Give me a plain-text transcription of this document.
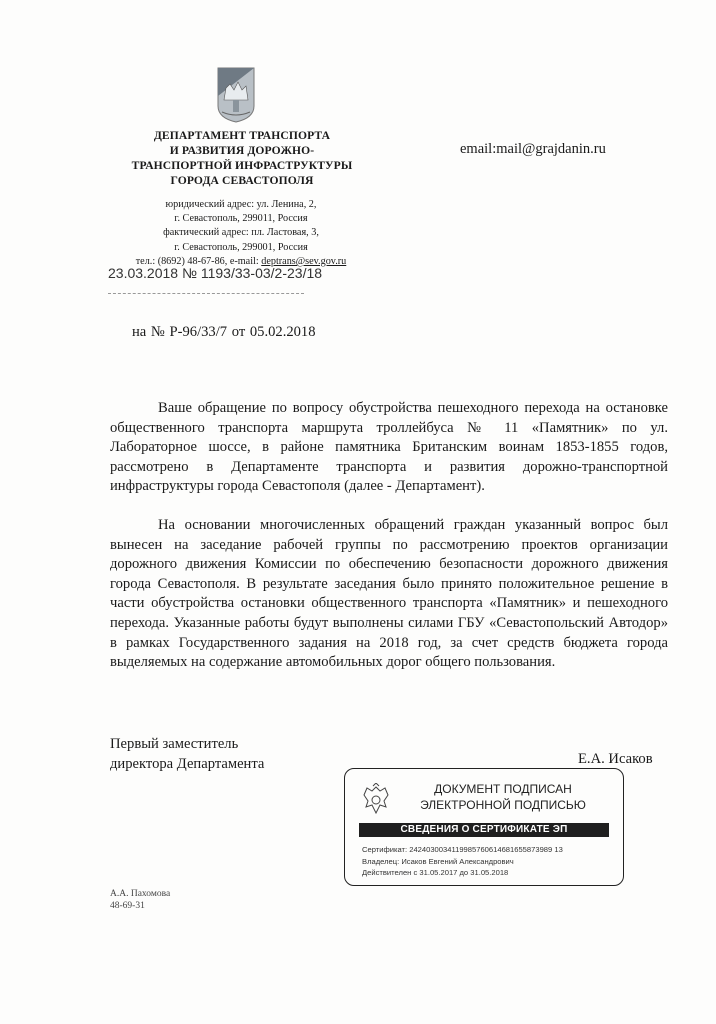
ДЕПАРТАМЕНТ ТРАНСПОРТА
И РАЗВИТИЯ ДОРОЖНО-
ТРАНСПОРТНОЙ ИНФРАСТРУКТУРЫ
ГОРОДА СЕВАСТОПОЛЯ
юридический адрес: ул. Ленина, 2,
г. Севастополь, 299011, Россия
фактический адрес: пл. Ластовая, 3,
г. Севастополь, 299001, Россия
тел.: (8692) 48-67-86, e-mail: deptrans@sev.gov.ru
email:mail@grajdanin.ru
23.03.2018 № 1193/33-03/2-23/18
на № Р-96/33/7 от 05.02.2018
Ваше обращение по вопросу обустройства пешеходного перехода на остановке общественного транспорта маршрута троллейбуса № 11 «Памятник» по ул. Лабораторное шоссе, в районе памятника Британским воинам 1853-1855 годов, рассмотрено в Департаменте транспорта и развития дорожно-транспортной инфраструктуры города Севастополя (далее - Департамент).
На основании многочисленных обращений граждан указанный вопрос был вынесен на заседание рабочей группы по рассмотрению проектов организации дорожного движения Комиссии по обеспечению безопасности дорожного движения города Севастополя. В результате заседания было принято положительное решение в части обустройства остановки общественного транспорта «Памятник» и пешеходного перехода. Указанные работы будут выполнены силами ГБУ «Севастопольский Автодор» в рамках Государственного задания на 2018 год, за счет средств бюджета города выделяемых на содержание автомобильных дорог общего пользования.
Первый заместитель
директора Департамента	Е.А. Исаков
ДОКУМЕНТ ПОДПИСАН
ЭЛЕКТРОННОЙ ПОДПИСЬЮ
СВЕДЕНИЯ О СЕРТИФИКАТЕ ЭП
Сертификат: 2424030034119985760614681655873989 13
Владелец: Исаков Евгений Александрович
Действителен с 31.05.2017 до 31.05.2018
А.А. Пахомова
48-69-31
